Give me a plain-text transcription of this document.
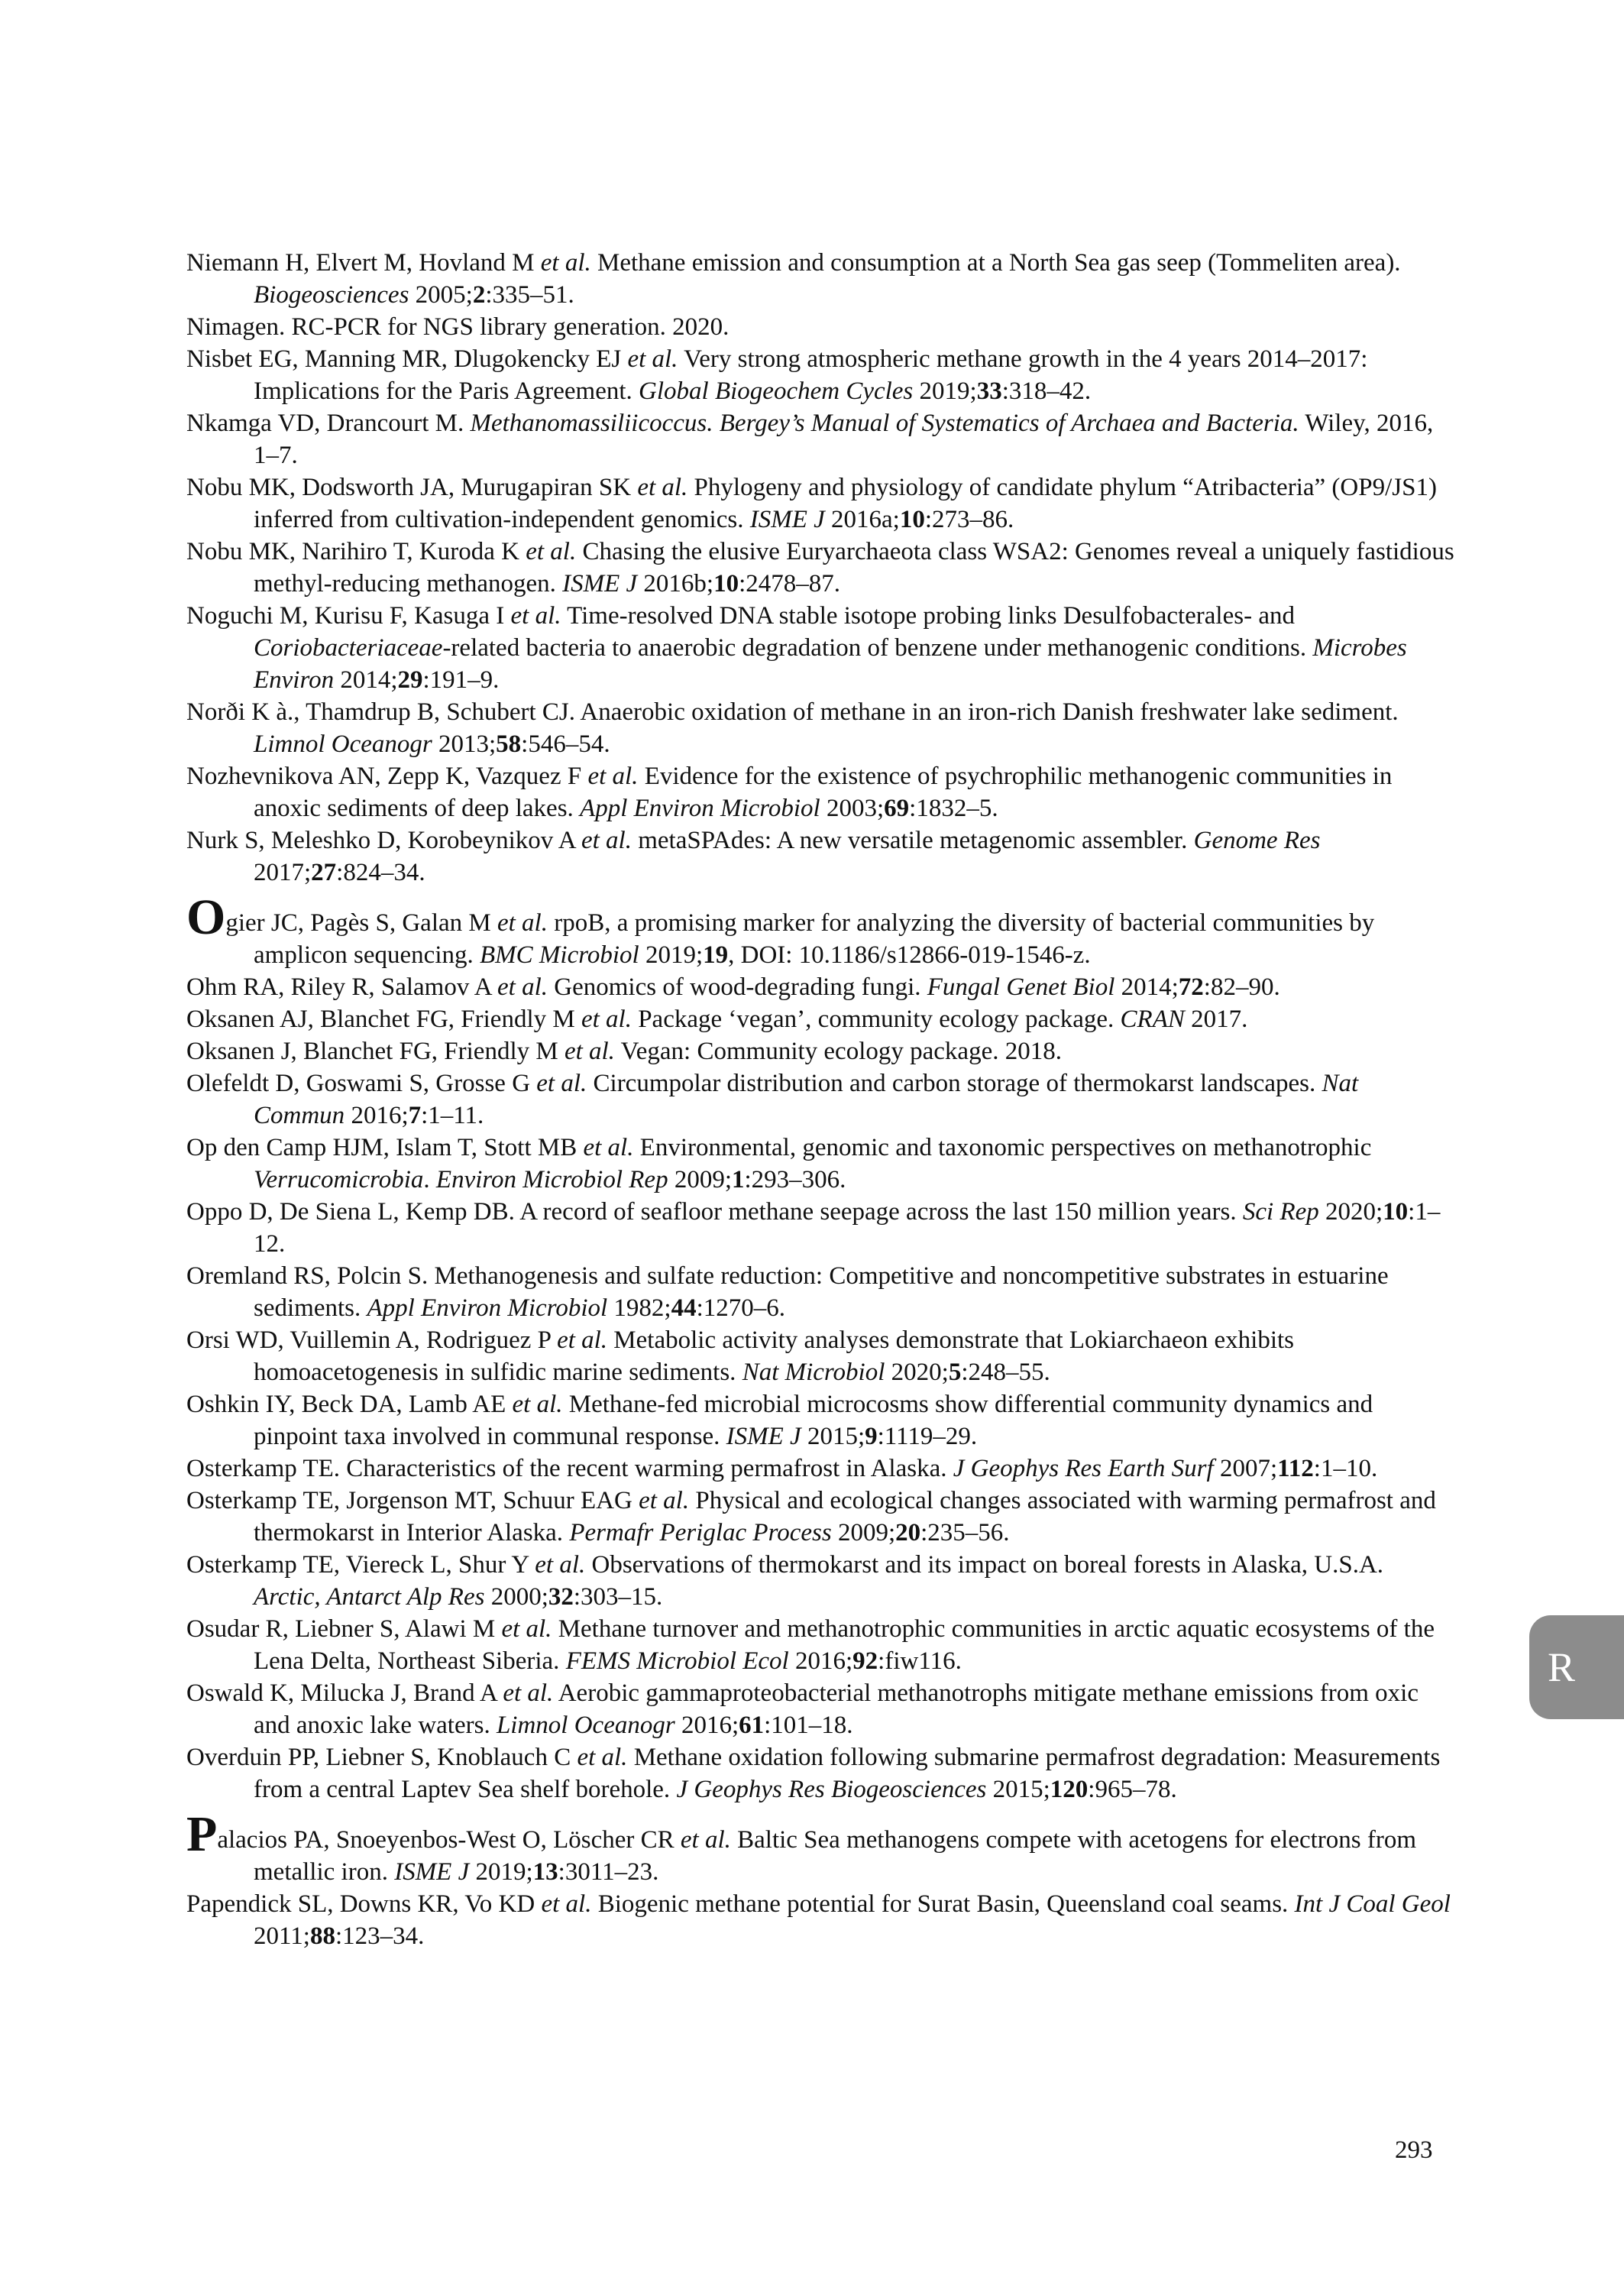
Niemann H, Elvert M, Hovland M et al. Methane emission and consumption at a North Sea gas seep (Tommeliten area). Biogeosciences 2005;2:335–51.

Nimagen. RC-PCR for NGS library generation. 2020.

Nisbet EG, Manning MR, Dlugokencky EJ et al. Very strong atmospheric methane growth in the 4 years 2014–2017: Implications for the Paris Agreement. Global Biogeochem Cycles 2019;33:318–42.

Nkamga VD, Drancourt M. Methanomassiliicoccus. Bergey’s Manual of Systematics of Archaea and Bacteria. Wiley, 2016, 1–7.

Nobu MK, Dodsworth JA, Murugapiran SK et al. Phylogeny and physiology of candidate phylum “Atribacteria” (OP9/JS1) inferred from cultivation-independent genomics. ISME J 2016a;10:273–86.

Nobu MK, Narihiro T, Kuroda K et al. Chasing the elusive Euryarchaeota class WSA2: Genomes reveal a uniquely fastidious methyl-reducing methanogen. ISME J 2016b;10:2478–87.

Noguchi M, Kurisu F, Kasuga I et al. Time-resolved DNA stable isotope probing links Desulfobacterales- and Coriobacteriaceae-related bacteria to anaerobic degradation of benzene under methanogenic conditions. Microbes Environ 2014;29:191–9.

Norði K à., Thamdrup B, Schubert CJ. Anaerobic oxidation of methane in an iron-rich Danish freshwater lake sediment. Limnol Oceanogr 2013;58:546–54.

Nozhevnikova AN, Zepp K, Vazquez F et al. Evidence for the existence of psychrophilic methanogenic communities in anoxic sediments of deep lakes. Appl Environ Microbiol 2003;69:1832–5.

Nurk S, Meleshko D, Korobeynikov A et al. metaSPAdes: A new versatile metagenomic assembler. Genome Res 2017;27:824–34.

Ogier JC, Pagès S, Galan M et al. rpoB, a promising marker for analyzing the diversity of bacterial communities by amplicon sequencing. BMC Microbiol 2019;19, DOI: 10.1186/s12866-019-1546-z.

Ohm RA, Riley R, Salamov A et al. Genomics of wood-degrading fungi. Fungal Genet Biol 2014;72:82–90.

Oksanen AJ, Blanchet FG, Friendly M et al. Package ‘vegan’, community ecology package. CRAN 2017.

Oksanen J, Blanchet FG, Friendly M et al. Vegan: Community ecology package. 2018.

Olefeldt D, Goswami S, Grosse G et al. Circumpolar distribution and carbon storage of thermokarst landscapes. Nat Commun 2016;7:1–11.

Op den Camp HJM, Islam T, Stott MB et al. Environmental, genomic and taxonomic perspectives on methanotrophic Verrucomicrobia. Environ Microbiol Rep 2009;1:293–306.

Oppo D, De Siena L, Kemp DB. A record of seafloor methane seepage across the last 150 million years. Sci Rep 2020;10:1–12.

Oremland RS, Polcin S. Methanogenesis and sulfate reduction: Competitive and noncompetitive substrates in estuarine sediments. Appl Environ Microbiol 1982;44:1270–6.

Orsi WD, Vuillemin A, Rodriguez P et al. Metabolic activity analyses demonstrate that Lokiarchaeon exhibits homoacetogenesis in sulfidic marine sediments. Nat Microbiol 2020;5:248–55.

Oshkin IY, Beck DA, Lamb AE et al. Methane-fed microbial microcosms show differential community dynamics and pinpoint taxa involved in communal response. ISME J 2015;9:1119–29.

Osterkamp TE. Characteristics of the recent warming permafrost in Alaska. J Geophys Res Earth Surf 2007;112:1–10.

Osterkamp TE, Jorgenson MT, Schuur EAG et al. Physical and ecological changes associated with warming permafrost and thermokarst in Interior Alaska. Permafr Periglac Process 2009;20:235–56.

Osterkamp TE, Viereck L, Shur Y et al. Observations of thermokarst and its impact on boreal forests in Alaska, U.S.A. Arctic, Antarct Alp Res 2000;32:303–15.

Osudar R, Liebner S, Alawi M et al. Methane turnover and methanotrophic communities in arctic aquatic ecosystems of the Lena Delta, Northeast Siberia. FEMS Microbiol Ecol 2016;92:fiw116.

Oswald K, Milucka J, Brand A et al. Aerobic gammaproteobacterial methanotrophs mitigate methane emissions from oxic and anoxic lake waters. Limnol Oceanogr 2016;61:101–18.

Overduin PP, Liebner S, Knoblauch C et al. Methane oxidation following submarine permafrost degradation: Measurements from a central Laptev Sea shelf borehole. J Geophys Res Biogeosciences 2015;120:965–78.

Palacios PA, Snoeyenbos-West O, Löscher CR et al. Baltic Sea methanogens compete with acetogens for electrons from metallic iron. ISME J 2019;13:3011–23.

Papendick SL, Downs KR, Vo KD et al. Biogenic methane potential for Surat Basin, Queensland coal seams. Int J Coal Geol 2011;88:123–34.

R
293
